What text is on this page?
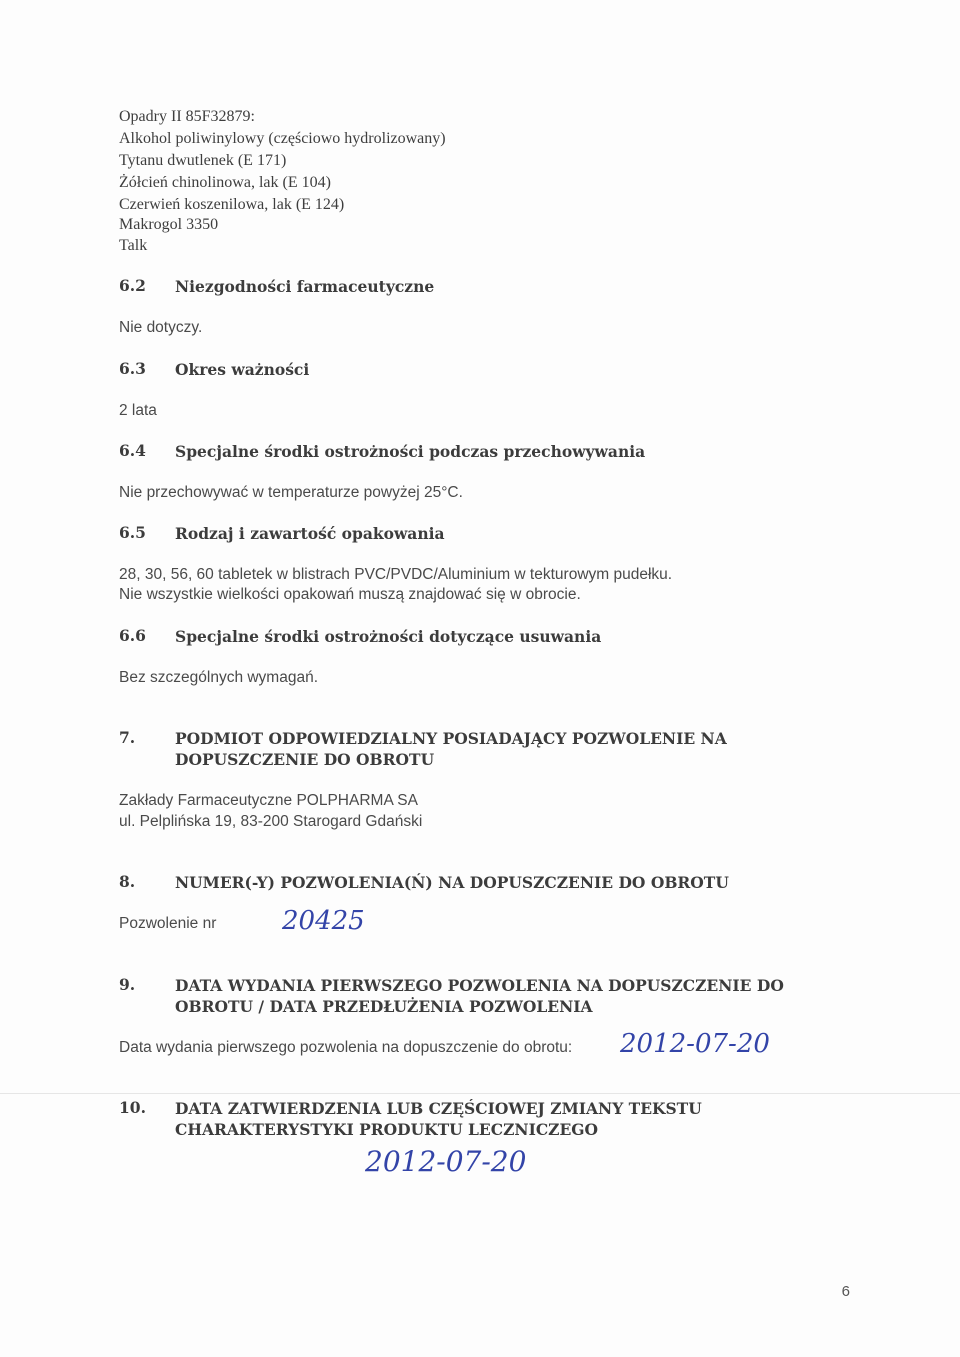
Opadry II 85F32879:
Alkohol poliwinylowy (częściowo hydrolizowany)
Tytanu dwutlenek (E 171)
Żółcień chinolinowa, lak (E 104)
Czerwień koszenilowa, lak (E 124)
Makrogol 3350
Talk
6.2 Niezgodności farmaceutyczne
Nie dotyczy.
6.3 Okres ważności
2 lata
6.4 Specjalne środki ostrożności podczas przechowywania
Nie przechowywać w temperaturze powyżej 25°C.
6.5 Rodzaj i zawartość opakowania
28, 30, 56, 60 tabletek w blistrach PVC/PVDC/Aluminium w tekturowym pudełku.
Nie wszystkie wielkości opakowań muszą znajdować się w obrocie.
6.6 Specjalne środki ostrożności dotyczące usuwania
Bez szczególnych wymagań.
7.	PODMIOT ODPOWIEDZIALNY POSIADAJĄCY POZWOLENIE NA
DOPUSZCZENIE DO OBROTU
Zakłady Farmaceutyczne POLPHARMA SA
ul. Pelplińska 19, 83-200 Starogard Gdański
8.	NUMER(-Y) POZWOLENIA(Ń) NA DOPUSZCZENIE DO OBROTU
Pozwolenie nr	20425
9.	DATA WYDANIA PIERWSZEGO POZWOLENIA NA DOPUSZCZENIE DO
OBROTU / DATA PRZEDŁUŻENIA POZWOLENIA
Data wydania pierwszego pozwolenia na dopuszczenie do obrotu: 2012-07-20
10. DATA ZATWIERDZENIA LUB CZĘŚCIOWEJ ZMIANY TEKSTU
CHARAKTERYSTYKI PRODUKTU LECZNICZEGO
2012-07-20
6
